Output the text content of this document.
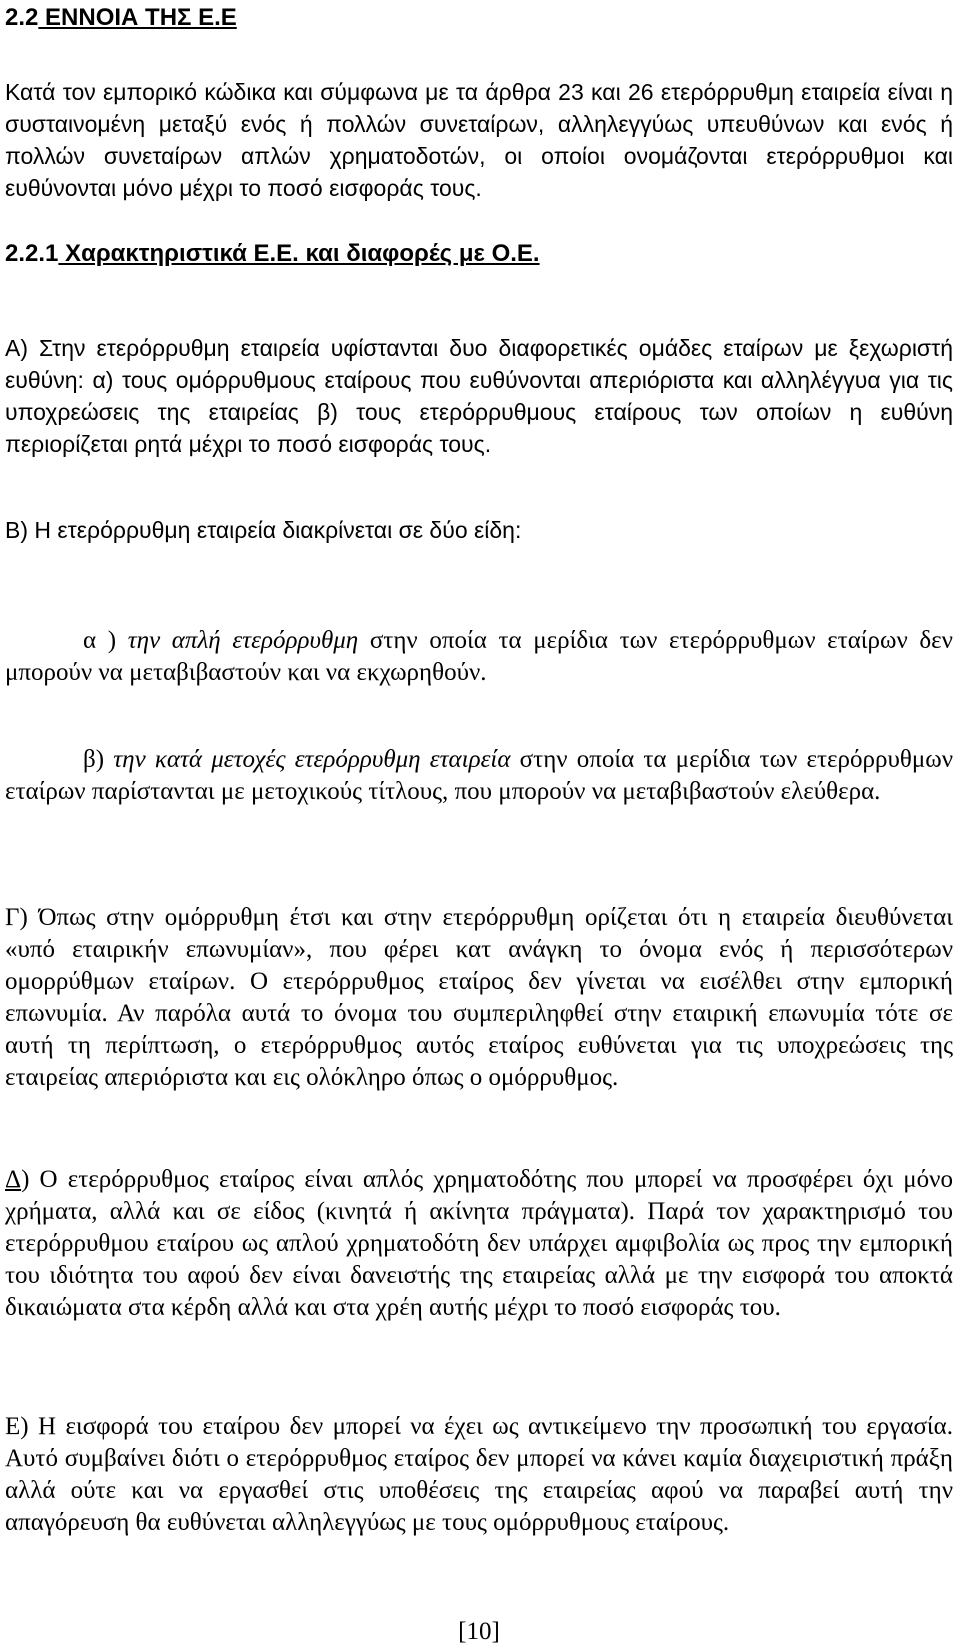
2.2 ΕΝΝΟΙΑ ΤΗΣ Ε.Ε

Κατά τον εμπορικό κώδικα και σύμφωνα με τα άρθρα 23 και 26 ετερόρρυθμη εταιρεία είναι η συσταινομένη μεταξύ ενός ή πολλών συνεταίρων, αλληλεγγύως υπευθύνων και ενός ή πολλών συνεταίρων απλών χρηματοδοτών, οι οποίοι ονομάζονται ετερόρρυθμοι και ευθύνονται μόνο μέχρι το ποσό εισφοράς τους.

2.2.1 Χαρακτηριστικά Ε.Ε. και διαφορές με Ο.Ε.

Α) Στην ετερόρρυθμη εταιρεία υφίστανται δυο διαφορετικές ομάδες εταίρων με ξεχωριστή ευθύνη: α) τους ομόρρυθμους εταίρους που ευθύνονται απεριόριστα και αλληλέγγυα για τις υποχρεώσεις της εταιρείας β) τους ετερόρρυθμους εταίρους των οποίων η ευθύνη περιορίζεται ρητά μέχρι το ποσό εισφοράς τους.

Β) Η ετερόρρυθμη εταιρεία διακρίνεται σε δύο είδη:

α ) την απλή ετερόρρυθμη στην οποία τα μερίδια των ετερόρρυθμων εταίρων δεν μπορούν να μεταβιβαστούν και να εκχωρηθούν.

β) την κατά μετοχές ετερόρρυθμη εταιρεία στην οποία τα μερίδια των ετερόρρυθμων εταίρων παρίστανται με μετοχικούς τίτλους, που μπορούν να μεταβιβαστούν ελεύθερα.

Γ) Όπως στην ομόρρυθμη έτσι και στην ετερόρρυθμη ορίζεται ότι η εταιρεία διευθύνεται «υπό εταιρικήν επωνυμίαν», που φέρει κατ ανάγκη το όνομα ενός ή περισσότερων ομορρύθμων εταίρων. Ο ετερόρρυθμος εταίρος δεν γίνεται να εισέλθει στην εμπορική επωνυμία. Αν παρόλα αυτά το όνομα του συμπεριληφθεί στην εταιρική επωνυμία τότε σε αυτή τη περίπτωση, ο ετερόρρυθμος αυτός εταίρος ευθύνεται για τις υποχρεώσεις της εταιρείας απεριόριστα και εις ολόκληρο όπως ο ομόρρυθμος.

Δ) Ο ετερόρρυθμος εταίρος είναι απλός χρηματοδότης που μπορεί να προσφέρει όχι μόνο χρήματα, αλλά και σε είδος (κινητά ή ακίνητα πράγματα). Παρά τον χαρακτηρισμό του ετερόρρυθμου εταίρου ως απλού χρηματοδότη δεν υπάρχει αμφιβολία ως προς την εμπορική του ιδιότητα του αφού δεν είναι δανειστής της εταιρείας αλλά με την εισφορά του αποκτά δικαιώματα στα κέρδη αλλά και στα χρέη αυτής μέχρι το ποσό εισφοράς του.

Ε) Η εισφορά του εταίρου δεν μπορεί να έχει ως αντικείμενο την προσωπική του εργασία. Αυτό συμβαίνει διότι ο ετερόρρυθμος εταίρος δεν μπορεί να κάνει καμία διαχειριστική πράξη αλλά ούτε και να εργασθεί στις υποθέσεις της εταιρείας αφού να παραβεί αυτή την απαγόρευση θα ευθύνεται αλληλεγγύως με τους ομόρρυθμους εταίρους.

[10]
